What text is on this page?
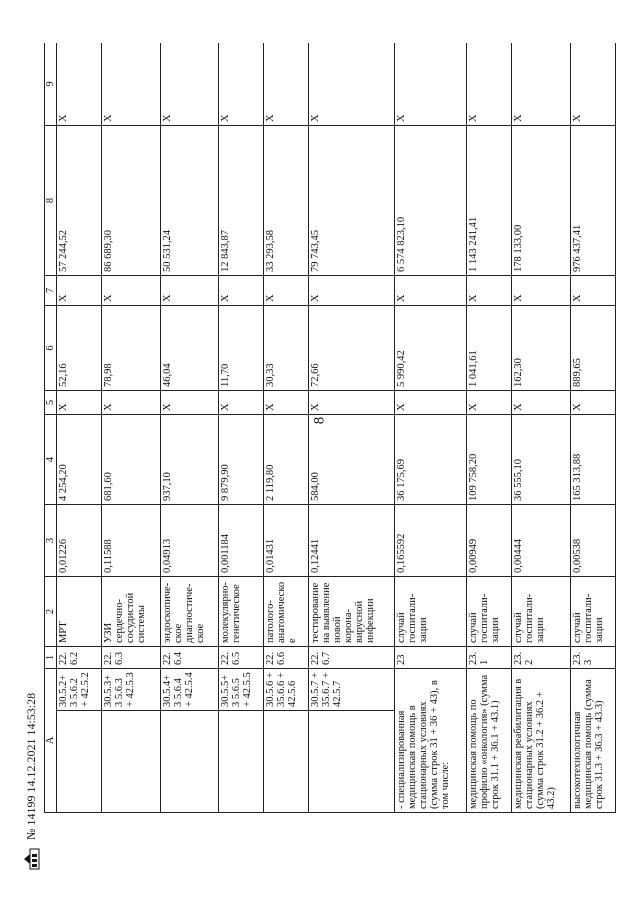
8
А		1	2	3	4	5	6	7	8	9
	30.5.2+3 5.6.2 + 42.5.2	22.6.2	МРТ	0,01226	4 254,20	X	52,16	X	57 244,52	X
	30.5.3+3 5.6.3 + 42.5.3	22.6.3	УЗИ сердечно-сосудистой системы	0,11588	681,60	X	78,98	X	86 689,30	X
	30.5.4+3 5.6.4 + 42.5.4	22.6.4	эндоскопиче-ское диагностиче-ское	0,04913	937,10	X	46,04	X	50 531,24	X
	30.5.5+3 5.6.5 + 42.5.5	22.6.5	молекулярно-генетическое	0,001184	9 879,90	X	11,70	X	12 843,87	X
	30.5.6 + 35.6.6 + 42.5.6	22.6.6	патолого-анатомическое	0,01431	2 119,80	X	30,33	X	33 293,58	X
	30.5.7 + 35.6.7 + 42.5.7	22.6.7	тестирование на выявление новой корона-вирусной инфекции	0,12441	584,00	X	72,66	X	79 743,45	X
- специализированная медицинская помощь в стационарных условиях (сумма строк 31 + 36 + 43), в том числе:		23	случай госпитали-зации	0,165592	36 175,69	X	5 990,42	X	6 574 823,10	X
медицинская помощь по профилю «онкология» (сумма строк 31.1 + 36.1 + 43.1)		23.1	случай госпитали-зации	0,00949	109 758,20	X	1 041,61	X	1 143 241,41	X
медицинская реабилитация в стационарных условиях (сумма строк 31.2 + 36.2 + 43.2)		23.2	случай госпитали-зации	0,00444	36 555,10	X	162,30	X	178 133,00	X
высокотехнологичная медицинская помощь (сумма строк 31.3 + 36.3 + 43.3)		23.3	случай госпитали-зации	0,00538	165 313,88	X	889,65	X	976 437,41	X
№ 14199 14.12.2021 14:53:28
